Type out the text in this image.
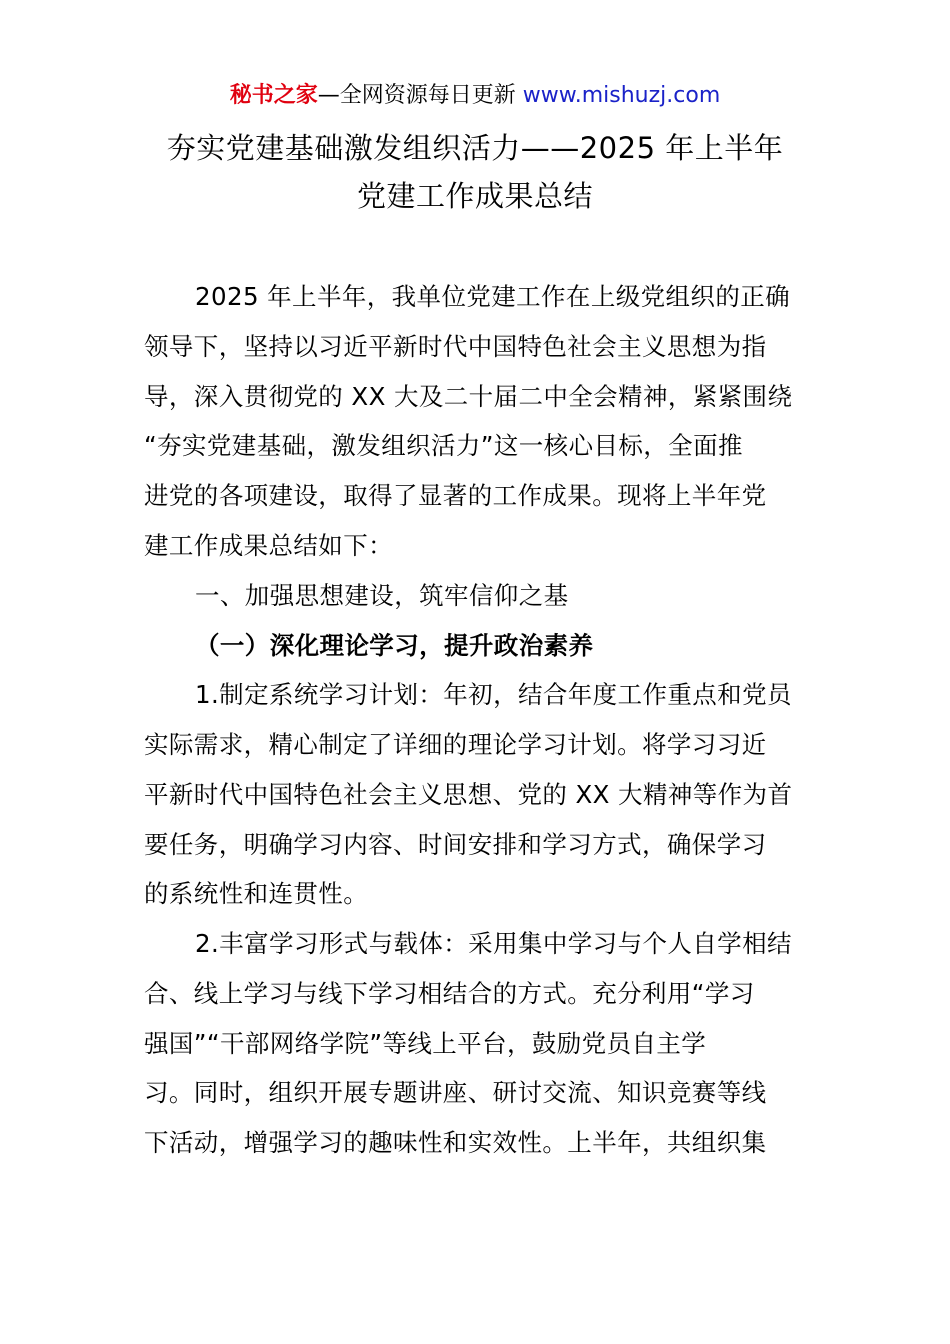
秘书之家—全网资源每日更新 www.mishuzj.com
夯实党建基础激发组织活力——2025 年上半年
党建工作成果总结
2025 年上半年，我单位党建工作在上级党组织的正确
领导下，坚持以习近平新时代中国特色社会主义思想为指
导，深入贯彻党的 XX 大及二十届二中全会精神，紧紧围绕
“夯实党建基础，激发组织活力”这一核心目标，全面推
进党的各项建设，取得了显著的工作成果。现将上半年党
建工作成果总结如下：
一、加强思想建设，筑牢信仰之基
（一）深化理论学习，提升政治素养
1.制定系统学习计划：年初，结合年度工作重点和党员
实际需求，精心制定了详细的理论学习计划。将学习习近
平新时代中国特色社会主义思想、党的 XX 大精神等作为首
要任务，明确学习内容、时间安排和学习方式，确保学习
的系统性和连贯性。
2.丰富学习形式与载体：采用集中学习与个人自学相结
合、线上学习与线下学习相结合的方式。充分利用“学习
强国”“干部网络学院”等线上平台，鼓励党员自主学
习。同时，组织开展专题讲座、研讨交流、知识竞赛等线
下活动，增强学习的趣味性和实效性。上半年，共组织集
